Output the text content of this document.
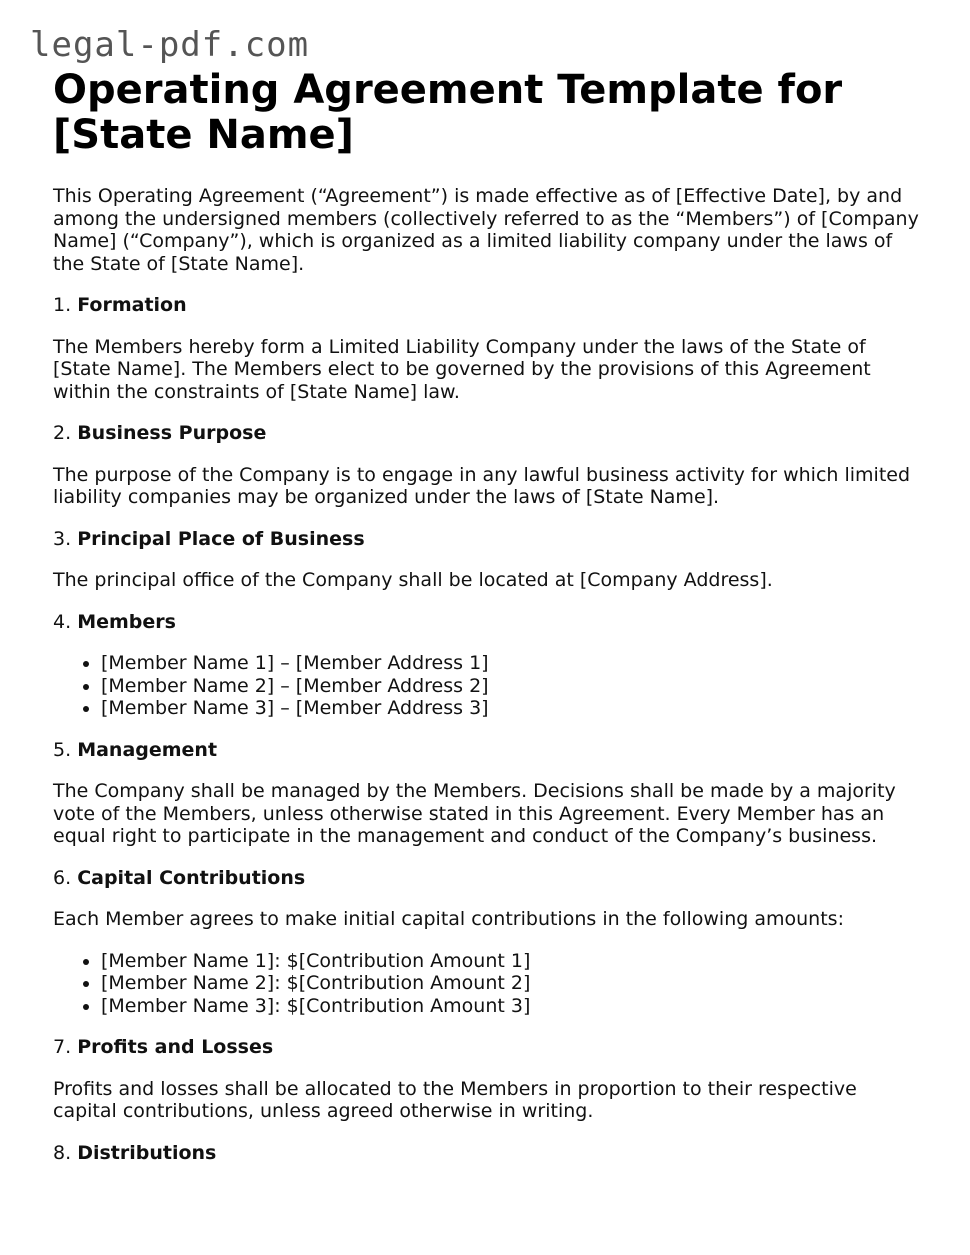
legal-pdf.com
Operating Agreement Template for [State Name]

This Operating Agreement (“Agreement”) is made effective as of [Effective Date], by and among the undersigned members (collectively referred to as the “Members”) of [Company Name] (“Company”), which is organized as a limited liability company under the laws of the State of [State Name].

1. Formation

The Members hereby form a Limited Liability Company under the laws of the State of [State Name]. The Members elect to be governed by the provisions of this Agreement within the constraints of [State Name] law.

2. Business Purpose

The purpose of the Company is to engage in any lawful business activity for which limited liability companies may be organized under the laws of [State Name].

3. Principal Place of Business

The principal office of the Company shall be located at [Company Address].

4. Members
• [Member Name 1] – [Member Address 1]
• [Member Name 2] – [Member Address 2]
• [Member Name 3] – [Member Address 3]
5. Management

The Company shall be managed by the Members. Decisions shall be made by a majority vote of the Members, unless otherwise stated in this Agreement. Every Member has an equal right to participate in the management and conduct of the Company’s business.

6. Capital Contributions

Each Member agrees to make initial capital contributions in the following amounts:

• [Member Name 1]: $[Contribution Amount 1]
• [Member Name 2]: $[Contribution Amount 2]
• [Member Name 3]: $[Contribution Amount 3]
7. Profits and Losses

Profits and losses shall be allocated to the Members in proportion to their respective capital contributions, unless agreed otherwise in writing.

8. Distributions
